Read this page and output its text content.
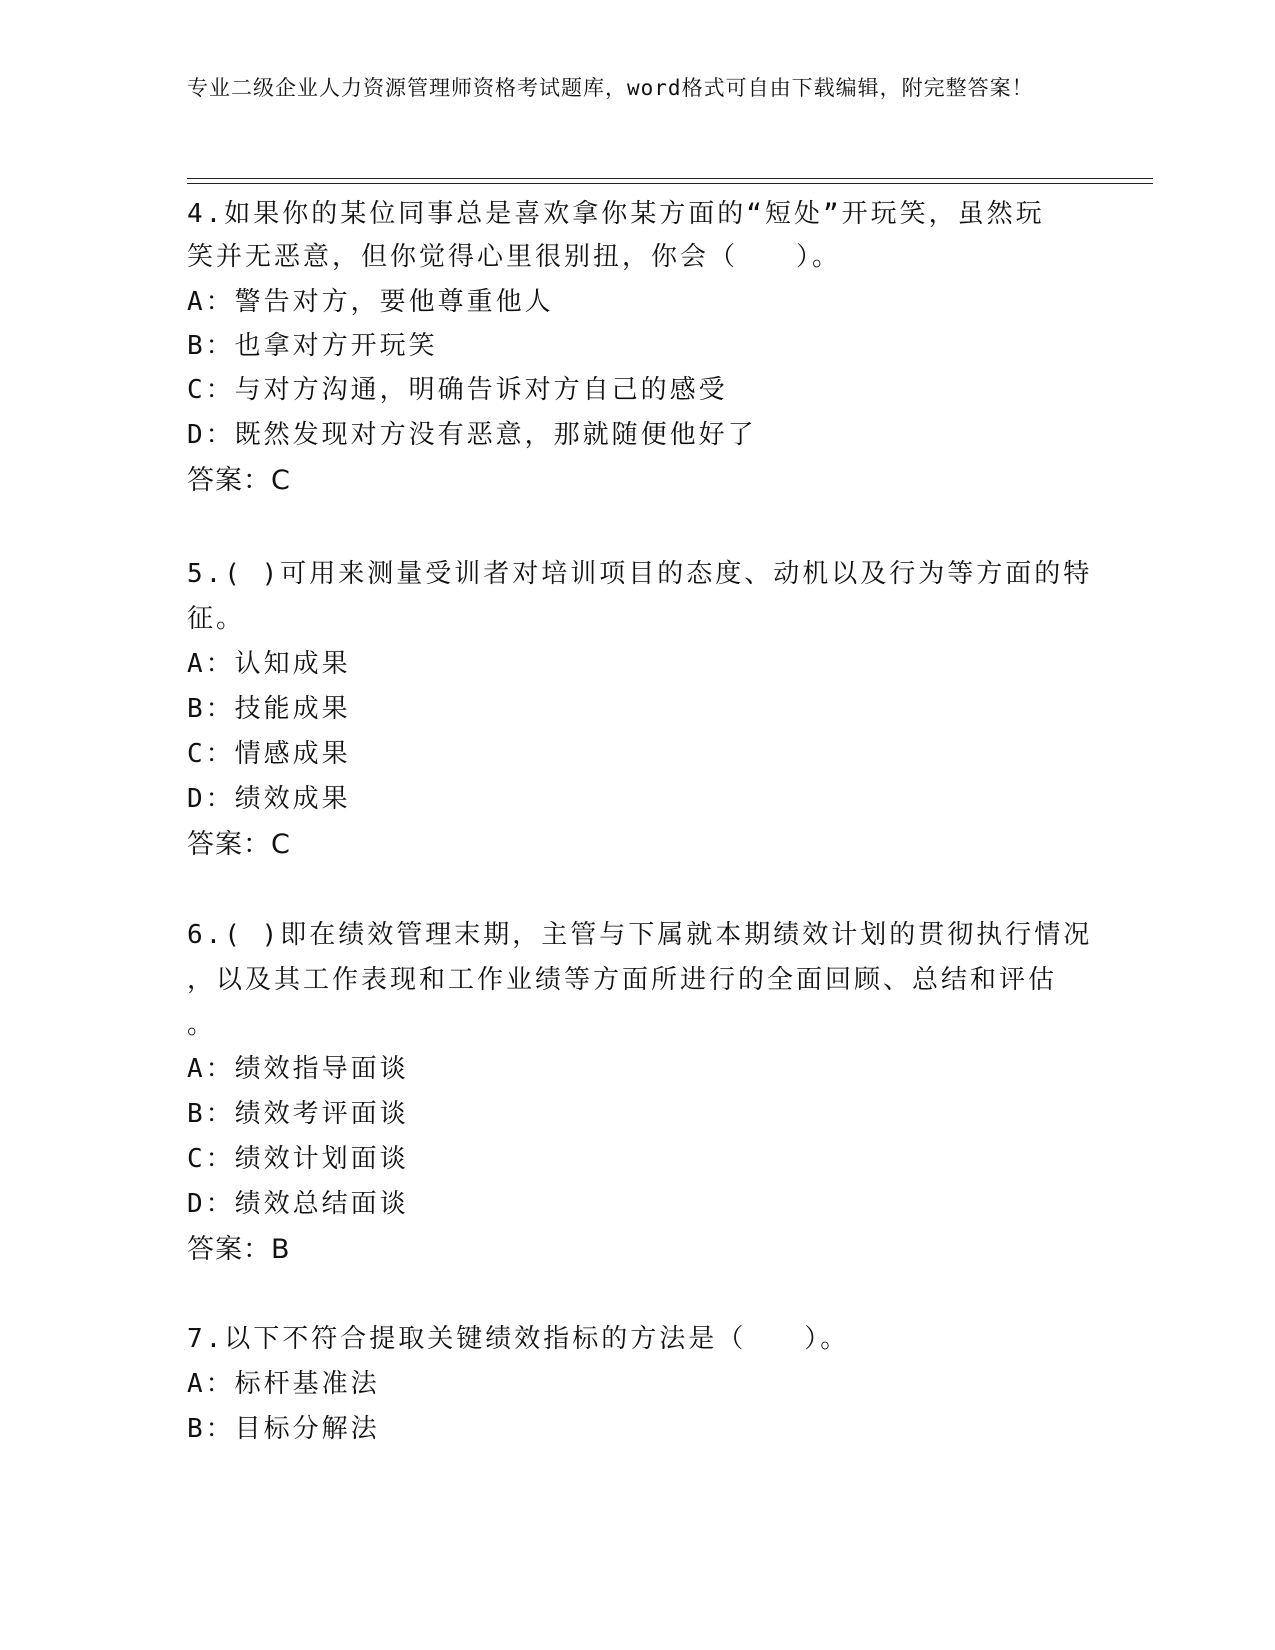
专业二级企业人力资源管理师资格考试题库，word格式可自由下载编辑，附完整答案！
4.如果你的某位同事总是喜欢拿你某方面的“短处”开玩笑，虽然玩
笑并无恶意，但你觉得心里很别扭，你会（　　）。
A：警告对方，要他尊重他人
B：也拿对方开玩笑
C：与对方沟通，明确告诉对方自己的感受
D：既然发现对方没有恶意，那就随便他好了
答案：C
5.( )可用来测量受训者对培训项目的态度、动机以及行为等方面的特
征。
A：认知成果
B：技能成果
C：情感成果
D：绩效成果
答案：C
6.( )即在绩效管理末期，主管与下属就本期绩效计划的贯彻执行情况
，以及其工作表现和工作业绩等方面所进行的全面回顾、总结和评估
。
A：绩效指导面谈
B：绩效考评面谈
C：绩效计划面谈
D：绩效总结面谈
答案：B
7.以下不符合提取关键绩效指标的方法是（　　）。
A：标杆基准法
B：目标分解法
